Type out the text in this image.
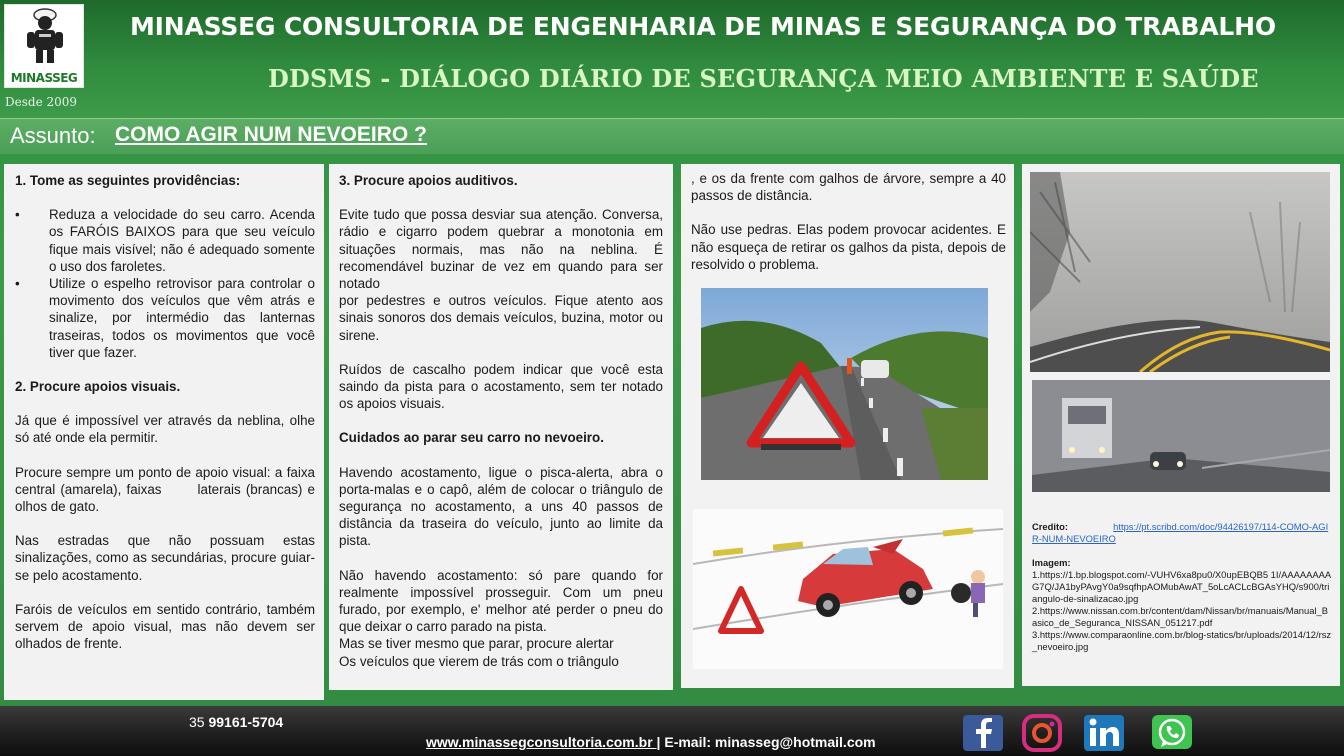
MINASSEG
Desde 2009
MINASSEG CONSULTORIA DE ENGENHARIA DE MINAS E SEGURANÇA DO TRABALHO
DDSMS - DIÁLOGO DIÁRIO DE SEGURANÇA MEIO AMBIENTE E SAÚDE
Assunto: COMO AGIR NUM NEVOEIRO ?
1. Tome as seguintes providências:
•	Reduza a velocidade do seu carro. Acenda os FARÓIS BAIXOS para que seu veículo fique mais visível; não é adequado somente o uso dos faroletes.
•	Utilize o espelho retrovisor para controlar o movimento dos veículos que vêm atrás e sinalize, por intermédio das lanternas traseiras, todos os movimentos que você tiver que fazer.
2. Procure apoios visuais.
Já que é impossível ver através da neblina, olhe só até onde ela permitir.
Procure sempre um ponto de apoio visual: a faixa central (amarela), faixas       laterais (brancas) e olhos de gato.
Nas estradas que não possuam estas sinalizações, como as secundárias, procure guiar-se pelo acostamento.
Faróis de veículos em sentido contrário, também servem de apoio visual, mas não devem ser olhados de frente.
3. Procure apoios auditivos.
Evite tudo que possa desviar sua atenção. Conversa, rádio e cigarro podem quebrar a monotonia em situações normais, mas não na neblina. É recomendável buzinar de vez em quando para ser notado
por pedestres e outros veículos. Fique atento aos sinais sonoros dos demais veículos, buzina, motor ou sirene.
Ruídos de cascalho podem indicar que você esta saindo da pista para o acostamento, sem ter notado os apoios visuais.
Cuidados ao parar seu carro no nevoeiro.
Havendo acostamento, ligue o pisca-alerta, abra o porta-malas e o capô, além de colocar o triângulo de segurança no acostamento, a uns 40 passos de distância da traseira do veículo, junto ao limite da pista.
Não havendo acostamento: só pare quando for realmente impossível prosseguir. Com um pneu furado, por exemplo, e' melhor até perder o pneu do que deixar o carro parado na pista.
Mas se tiver mesmo que parar, procure alertar
Os veículos que vierem de trás com o triângulo
, e os da frente com galhos de árvore, sempre a 40 passos de distância.
Não use pedras. Elas podem provocar acidentes. E não esqueça de retirar os galhos da pista, depois de resolvido o problema.
Credito:	https://pt.scribd.com/doc/94426197/114-COMO-AGIR-NUM-NEVOEIRO
Imagem:
1.https://1.bp.blogspot.com/-VUHV6xa8pu0/X0upEBQB5 1I/AAAAAAAAG7Q/JA1byPAvgY0a9sqfhpAOMubAwAT_5oLcACLcBGAsYHQ/s900/triangulo-de-sinalizacao.jpg
2.https://www.nissan.com.br/content/dam/Nissan/br/manuais/Manual_Basico_de_Seguranca_NISSAN_051217.pdf
3.https://www.comparaonline.com.br/blog-statics/br/uploads/2014/12/rsz_nevoeiro.jpg
35 99161-5704
www.minassegconsultoria.com.br | E-mail: minasseg@hotmail.com
